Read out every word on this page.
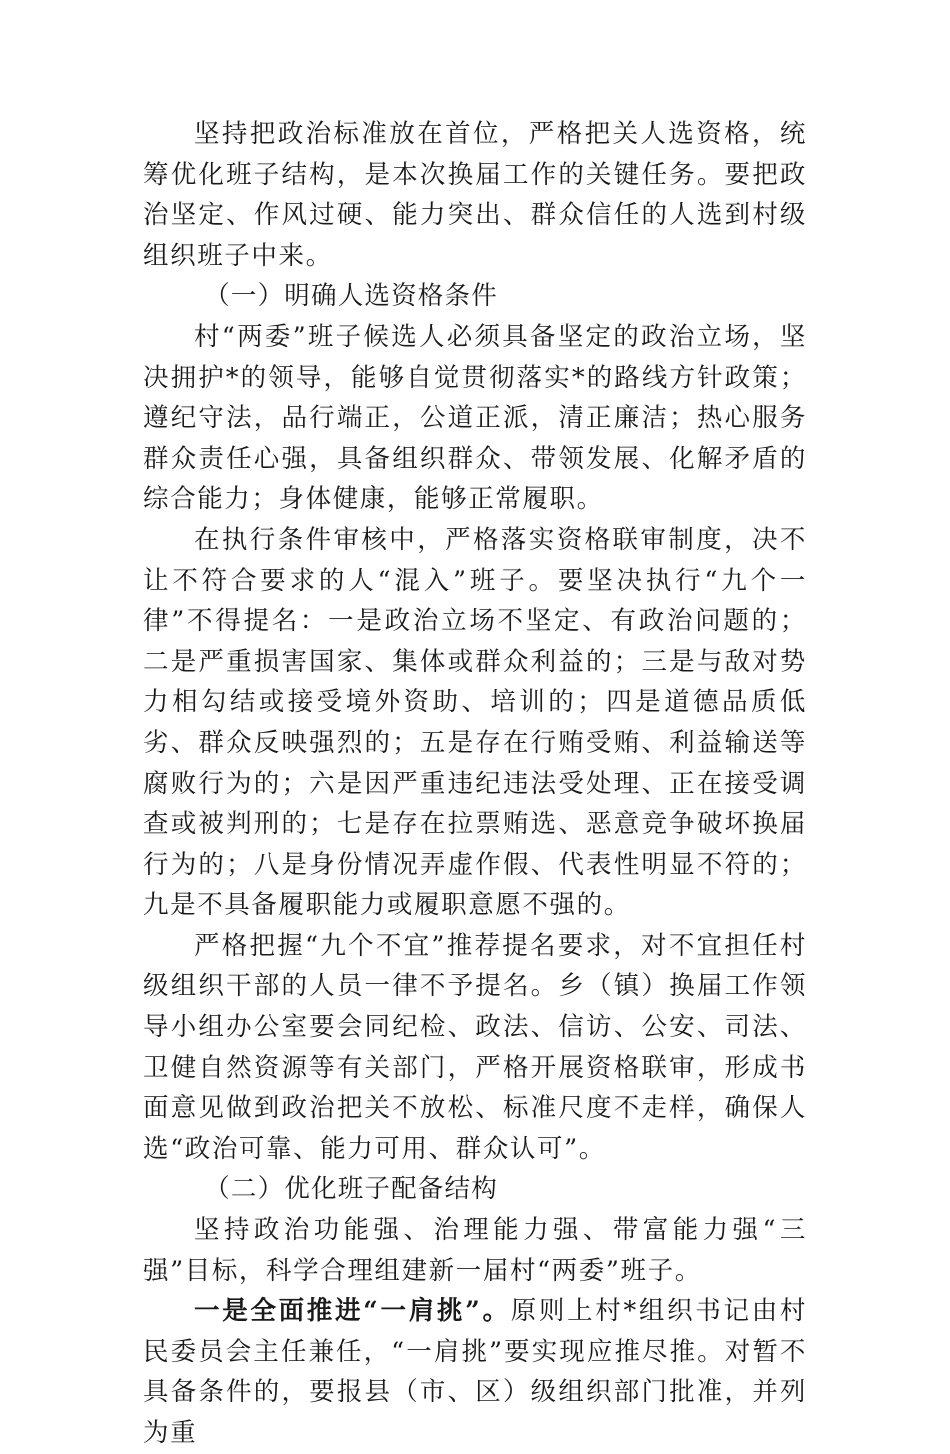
坚持把政治标准放在首位，严格把关人选资格，统筹优化班子结构，是本次换届工作的关键任务。要把政治坚定、作风过硬、能力突出、群众信任的人选到村级组织班子中来。

（一）明确人选资格条件

村“两委”班子候选人必须具备坚定的政治立场，坚决拥护*的领导，能够自觉贯彻落实*的路线方针政策；遵纪守法，品行端正，公道正派，清正廉洁；热心服务群众责任心强，具备组织群众、带领发展、化解矛盾的综合能力；身体健康，能够正常履职。

在执行条件审核中，严格落实资格联审制度，决不让不符合要求的人“混入”班子。要坚决执行“九个一律”不得提名：一是政治立场不坚定、有政治问题的；二是严重损害国家、集体或群众利益的；三是与敌对势力相勾结或接受境外资助、培训的；四是道德品质低劣、群众反映强烈的；五是存在行贿受贿、利益输送等腐败行为的；六是因严重违纪违法受处理、正在接受调查或被判刑的；七是存在拉票贿选、恶意竞争破坏换届行为的；八是身份情况弄虚作假、代表性明显不符的；九是不具备履职能力或履职意愿不强的。

严格把握“九个不宜”推荐提名要求，对不宜担任村级组织干部的人员一律不予提名。乡（镇）换届工作领导小组办公室要会同纪检、政法、信访、公安、司法、卫健自然资源等有关部门，严格开展资格联审，形成书面意见做到政治把关不放松、标准尺度不走样，确保人选“政治可靠、能力可用、群众认可”。

（二）优化班子配备结构

坚持政治功能强、治理能力强、带富能力强“三强”目标，科学合理组建新一届村“两委”班子。

一是全面推进“一肩挑”。原则上村*组织书记由村民委员会主任兼任，“一肩挑”要实现应推尽推。对暂不具备条件的，要报县（市、区）级组织部门批准，并列为重
